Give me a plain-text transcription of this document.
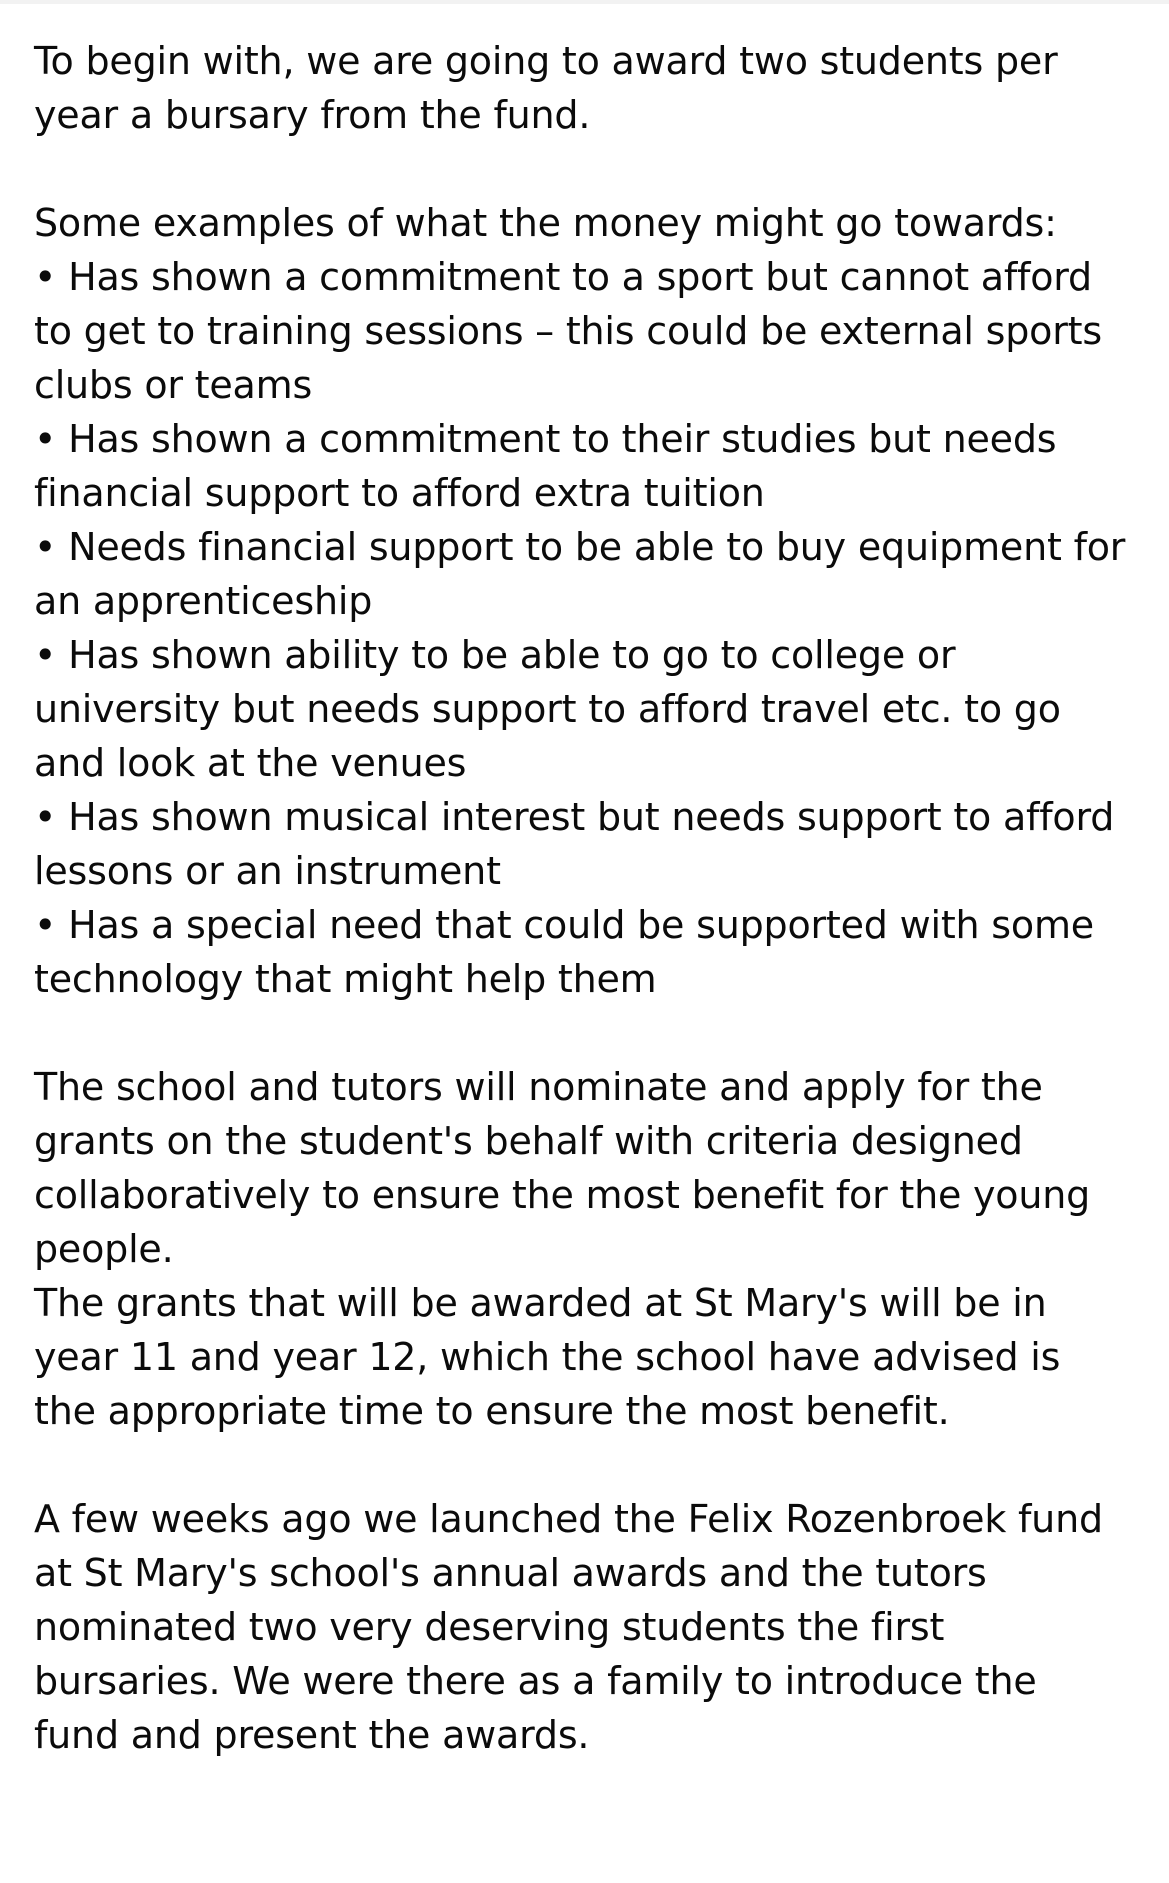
To begin with, we are going to award two students per year a bursary from the fund.

Some examples of what the money might go towards:

• Has shown a commitment to a sport but cannot afford to get to training sessions – this could be external sports clubs or teams

• Has shown a commitment to their studies but needs financial support to afford extra tuition

• Needs financial support to be able to buy equipment for an apprenticeship

• Has shown ability to be able to go to college or university but needs support to afford travel etc. to go and look at the venues

• Has shown musical interest but needs support to afford lessons or an instrument

• Has a special need that could be supported with some technology that might help them

The school and tutors will nominate and apply for the grants on the student's behalf with criteria designed collaboratively to ensure the most benefit for the young people.

The grants that will be awarded at St Mary's will be in year 11 and year 12, which the school have advised is the appropriate time to ensure the most benefit.

A few weeks ago we launched the Felix Rozenbroek fund at St Mary's school's annual awards and the tutors nominated two very deserving students the first bursaries. We were there as a family to introduce the fund and present the awards.
